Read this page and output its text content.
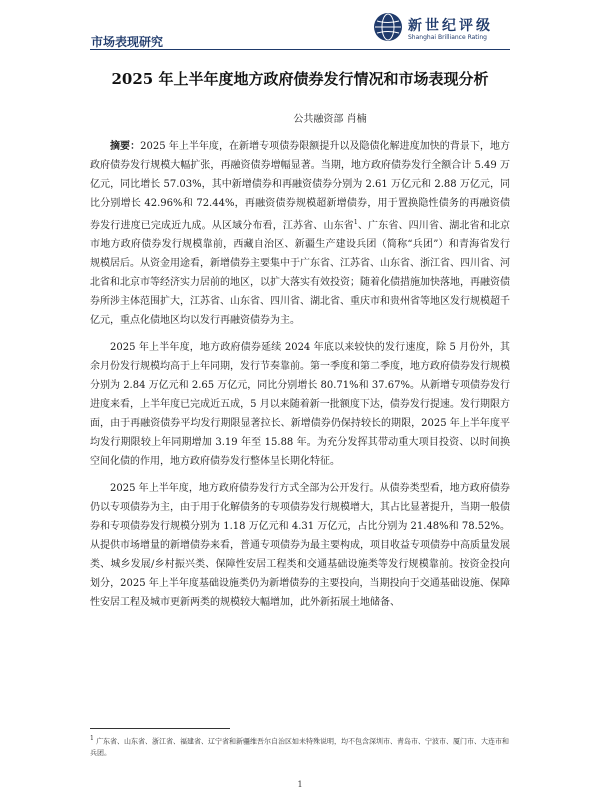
市场表现研究
新世纪评级
Shanghai Brilliance Rating
2025 年上半年度地方政府债券发行情况和市场表现分析
公共融资部 肖楠

摘要：2025 年上半年度，在新增专项债券限额提升以及隐债化解进度加快的背景下，地方政府债券发行规模大幅扩张，再融资债券增幅显著。当期，地方政府债券发行全额合计 5.49 万亿元，同比增长 57.03%，其中新增债券和再融资债券分别为 2.61 万亿元和 2.88 万亿元，同比分别增长 42.96%和 72.44%，再融资债券规模超新增债券，用于置换隐性债务的再融资债券发行进度已完成近九成。从区域分布看，江苏省、山东省$^1$、广东省、四川省、湖北省和北京市地方政府债券发行规模靠前，西藏自治区、新疆生产建设兵团（简称“兵团”）和青海省发行规模居后。从资金用途看，新增债券主要集中于广东省、江苏省、山东省、浙江省、四川省、河北省和北京市等经济实力居前的地区，以扩大落实有效投资；随着化债措施加快落地，再融资债券所涉主体范围扩大，江苏省、山东省、四川省、湖北省、重庆市和贵州省等地区发行规模超千亿元，重点化债地区均以发行再融资债券为主。

2025 年上半年度，地方政府债券延续 2024 年底以来较快的发行速度，除 5 月份外，其余月份发行规模均高于上年同期，发行节奏靠前。第一季度和第二季度，地方政府债券发行规模分别为 2.84 万亿元和 2.65 万亿元，同比分别增长 80.71%和 37.67%。从新增专项债券发行进度来看，上半年度已完成近五成，5 月以来随着新一批额度下达，债券发行提速。发行期限方面，由于再融资债券平均发行期限显著拉长、新增债券仍保持较长的期限，2025 年上半年度平均发行期限较上年同期增加 3.19 年至 15.88 年。为充分发挥其带动重大项目投资、以时间换空间化债的作用，地方政府债券发行整体呈长期化特征。

2025 年上半年度，地方政府债券发行方式全部为公开发行。从债券类型看，地方政府债券仍以专项债券为主，由于用于化解债务的专项债券发行规模增大，其占比显著提升，当期一般债券和专项债券发行规模分别为 1.18 万亿元和 4.31 万亿元，占比分别为 21.48%和 78.52%。从提供市场增量的新增债券来看，普通专项债券为最主要构成，项目收益专项债券中高质量发展类、城乡发展/乡村振兴类、保障性安居工程类和交通基础设施类等发行规模靠前。按资金投向划分，2025 年上半年度基础设施类仍为新增债券的主要投向，当期投向于交通基础设施、保障性安居工程及城市更新两类的规模较大幅增加，此外新拓展土地储备、

$^1$ 广东省、山东省、浙江省、福建省、辽宁省和新疆维吾尔自治区如未特殊说明，均不包含深圳市、青岛市、宁波市、厦门市、大连市和兵团。
1
